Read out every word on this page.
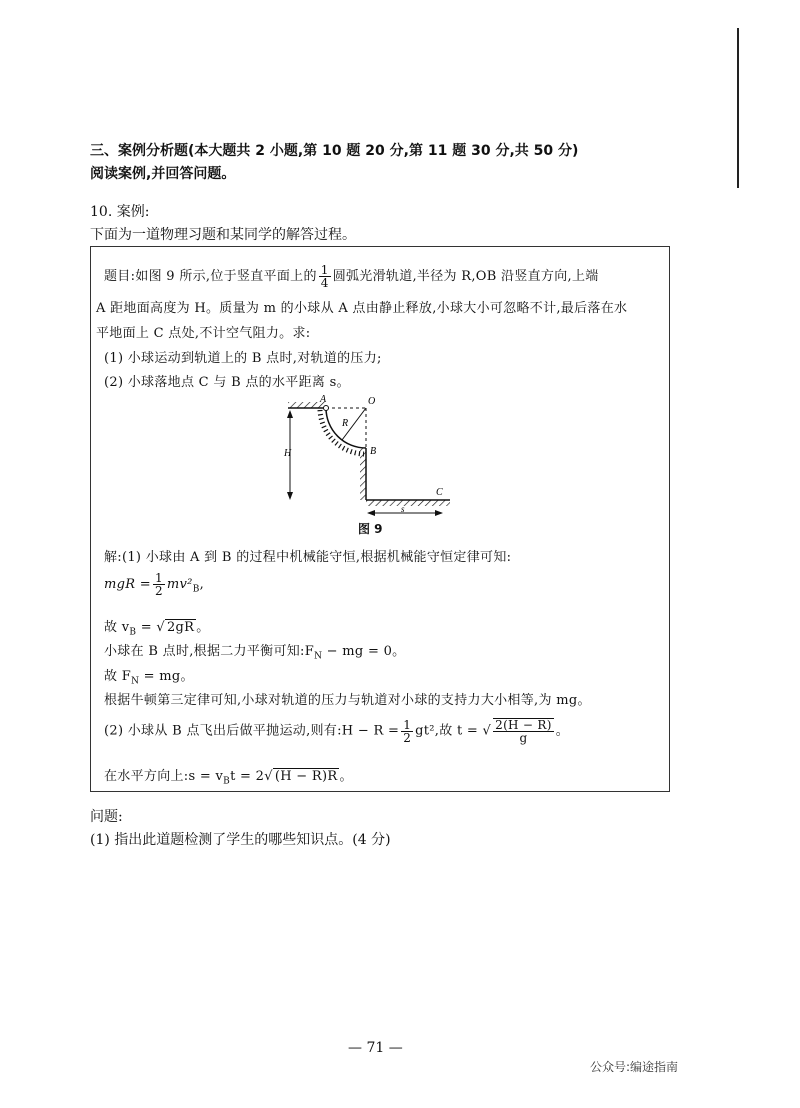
三、案例分析题(本大题共 2 小题,第 10 题 20 分,第 11 题 30 分,共 50 分)
阅读案例,并回答问题。
10. 案例:
下面为一道物理习题和某同学的解答过程。
题目:如图 9 所示,位于竖直平面上的 $\frac{1}{4}$ 圆弧光滑轨道,半径为 R,OB 沿竖直方向,上端
A 距地面高度为 H。质量为 m 的小球从 A 点由静止释放,小球大小可忽略不计,最后落在水
平地面上 C 点处,不计空气阻力。求:
(1) 小球运动到轨道上的 B 点时,对轨道的压力;
(2) 小球落地点 C 与 B 点的水平距离 s。
A	O
R
B
H
C
s
图 9
解:(1) 小球由 A 到 B 的过程中机械能守恒,根据机械能守恒定律可知:
mgR = $\frac{1}{2} mv^2_B$,
故 $v_B$ = √ 2gR 。
小球在 B 点时,根据二力平衡可知$:F_N$ − mg = 0。
故 $F_N$ = mg。
根据牛顿第三定律可知,小球对轨道的压力与轨道对小球的支持力大小相等,为 mg。
(2) 小球从 B 点飞出后做平抛运动,则有:H − $R = \frac{1}{2} gt^2$,故 t = √ $\frac{2(H - R)}{g}$ 。
在水平方向上:s = $v_Bt = 2√$ (H − R)R 。
问题:
(1) 指出此道题检测了学生的哪些知识点。(4 分)
— 71 —
公众号:编途指南
